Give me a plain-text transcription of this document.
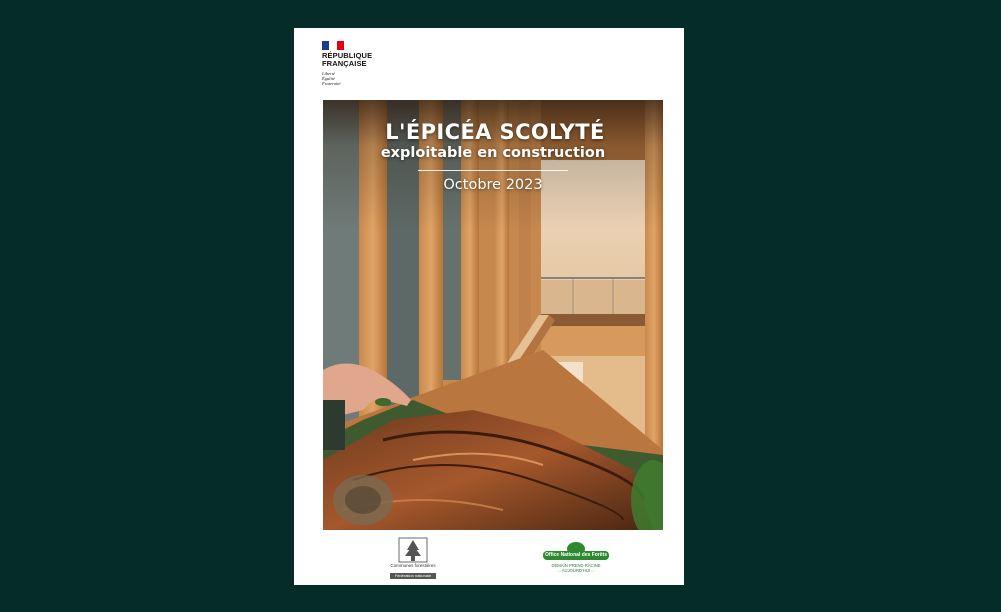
RÉPUBLIQUE
FRANÇAISE
Liberté
Égalité
Fraternité
L'ÉPICÉA SCOLYTÉ
exploitable en construction
Octobre 2023
Communes forestières
Fédération nationale
Office National des Forêts
DEMAIN PREND RACINE
... AUJOURD'HUI ...
